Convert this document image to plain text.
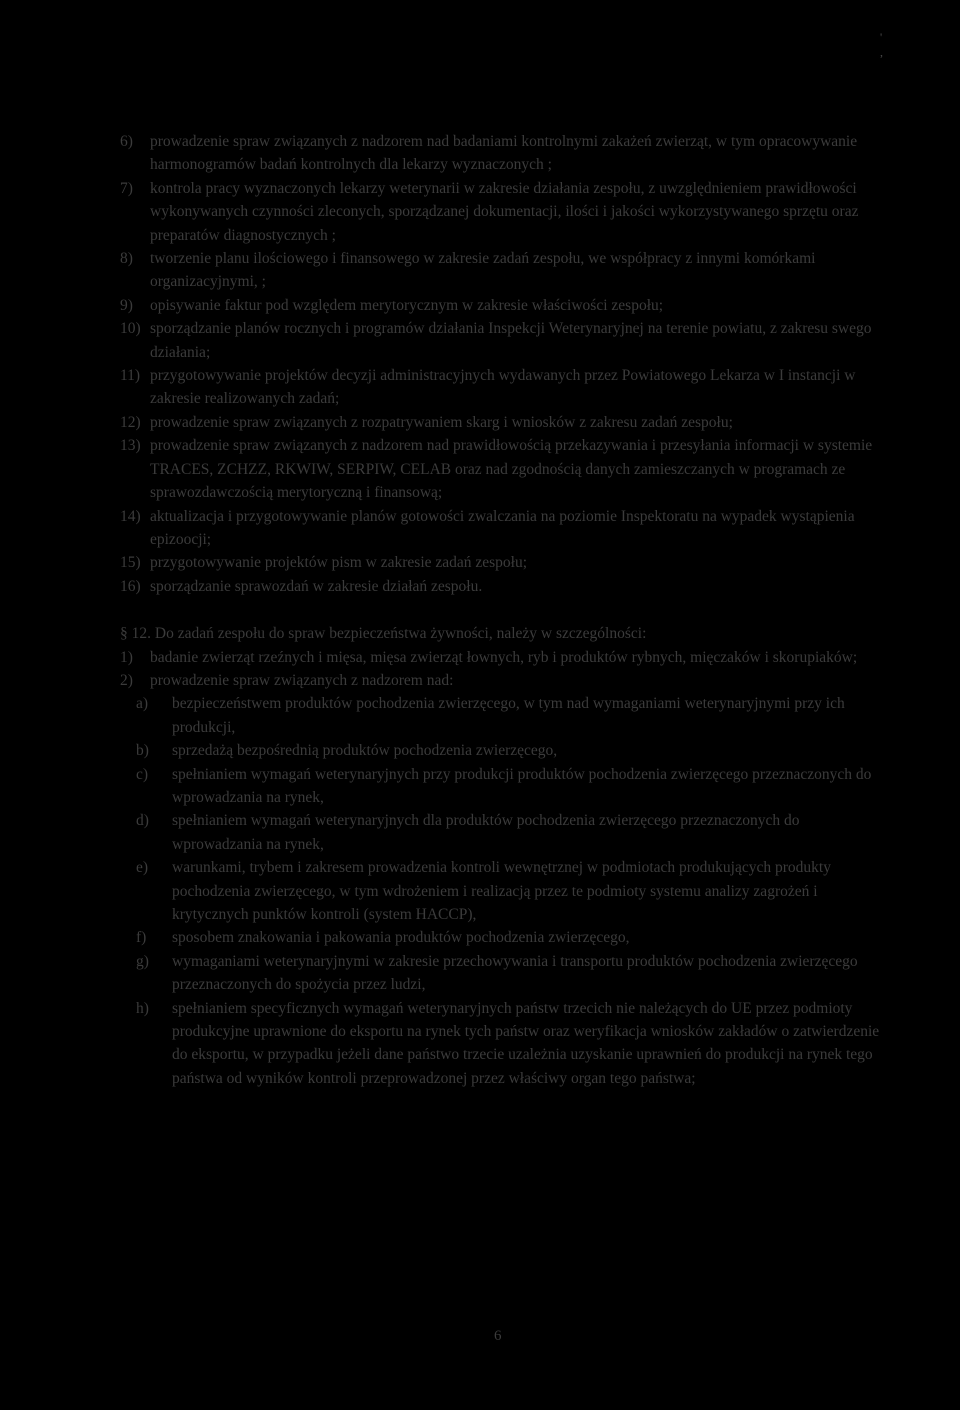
' ,

6) prowadzenie spraw związanych z nadzorem nad badaniami kontrolnymi zakażeń zwierząt, w tym opracowywanie harmonogramów badań kontrolnych dla lekarzy wyznaczonych ;

7) kontrola pracy wyznaczonych lekarzy weterynarii w zakresie działania zespołu, z uwzględnieniem prawidłowości wykonywanych czynności zleconych, sporządzanej dokumentacji, ilości i jakości wykorzystywanego sprzętu oraz preparatów diagnostycznych ;

8) tworzenie planu ilościowego i finansowego w zakresie zadań zespołu, we współpracy z innymi komórkami organizacyjnymi, ;

9) opisywanie faktur pod względem merytorycznym w zakresie właściwości zespołu;

10) sporządzanie planów rocznych i programów działania Inspekcji Weterynaryjnej na terenie powiatu, z zakresu swego działania;

11) przygotowywanie projektów decyzji administracyjnych wydawanych przez Powiatowego Lekarza w I instancji w zakresie realizowanych zadań;

12) prowadzenie spraw związanych z rozpatrywaniem skarg i wniosków z zakresu zadań zespołu;

13) prowadzenie spraw związanych z nadzorem nad prawidłowością przekazywania i przesyłania informacji w systemie TRACES, ZCHZZ, RKWIW, SERPIW, CELAB oraz nad zgodnością danych zamieszczanych w programach ze sprawozdawczością merytoryczną i finansową;

14) aktualizacja i przygotowywanie planów gotowości zwalczania na poziomie Inspektoratu na wypadek wystąpienia epizoocji;

15) przygotowywanie projektów pism w zakresie zadań zespołu;

16) sporządzanie sprawozdań w zakresie działań zespołu.

§ 12. Do zadań zespołu do spraw bezpieczeństwa żywności, należy w szczególności:

1) badanie zwierząt rzeźnych i mięsa, mięsa zwierząt łownych, ryb i produktów rybnych, mięczaków i skorupiaków;

2) prowadzenie spraw związanych z nadzorem nad:

a) bezpieczeństwem produktów pochodzenia zwierzęcego, w tym nad wymaganiami weterynaryjnymi przy ich produkcji,

b) sprzedażą bezpośrednią produktów pochodzenia zwierzęcego,

c) spełnianiem wymagań weterynaryjnych przy produkcji produktów pochodzenia zwierzęcego przeznaczonych do wprowadzania na rynek,

d) spełnianiem wymagań weterynaryjnych dla produktów pochodzenia zwierzęcego przeznaczonych do wprowadzania na rynek,

e) warunkami, trybem i zakresem prowadzenia kontroli wewnętrznej w podmiotach produkujących produkty pochodzenia zwierzęcego, w tym wdrożeniem i realizacją przez te podmioty systemu analizy zagrożeń i krytycznych punktów kontroli (system HACCP),

f) sposobem znakowania i pakowania produktów pochodzenia zwierzęcego,

g) wymaganiami weterynaryjnymi w zakresie przechowywania i transportu produktów pochodzenia zwierzęcego przeznaczonych do spożycia przez ludzi,

h) spełnianiem specyficznych wymagań weterynaryjnych państw trzecich nie należących do UE przez podmioty produkcyjne uprawnione do eksportu na rynek tych państw oraz weryfikacja wniosków zakładów o zatwierdzenie do eksportu, w przypadku jeżeli dane państwo trzecie uzależnia uzyskanie uprawnień do produkcji na rynek tego państwa od wyników kontroli przeprowadzonej przez właściwy organ tego państwa;

6
